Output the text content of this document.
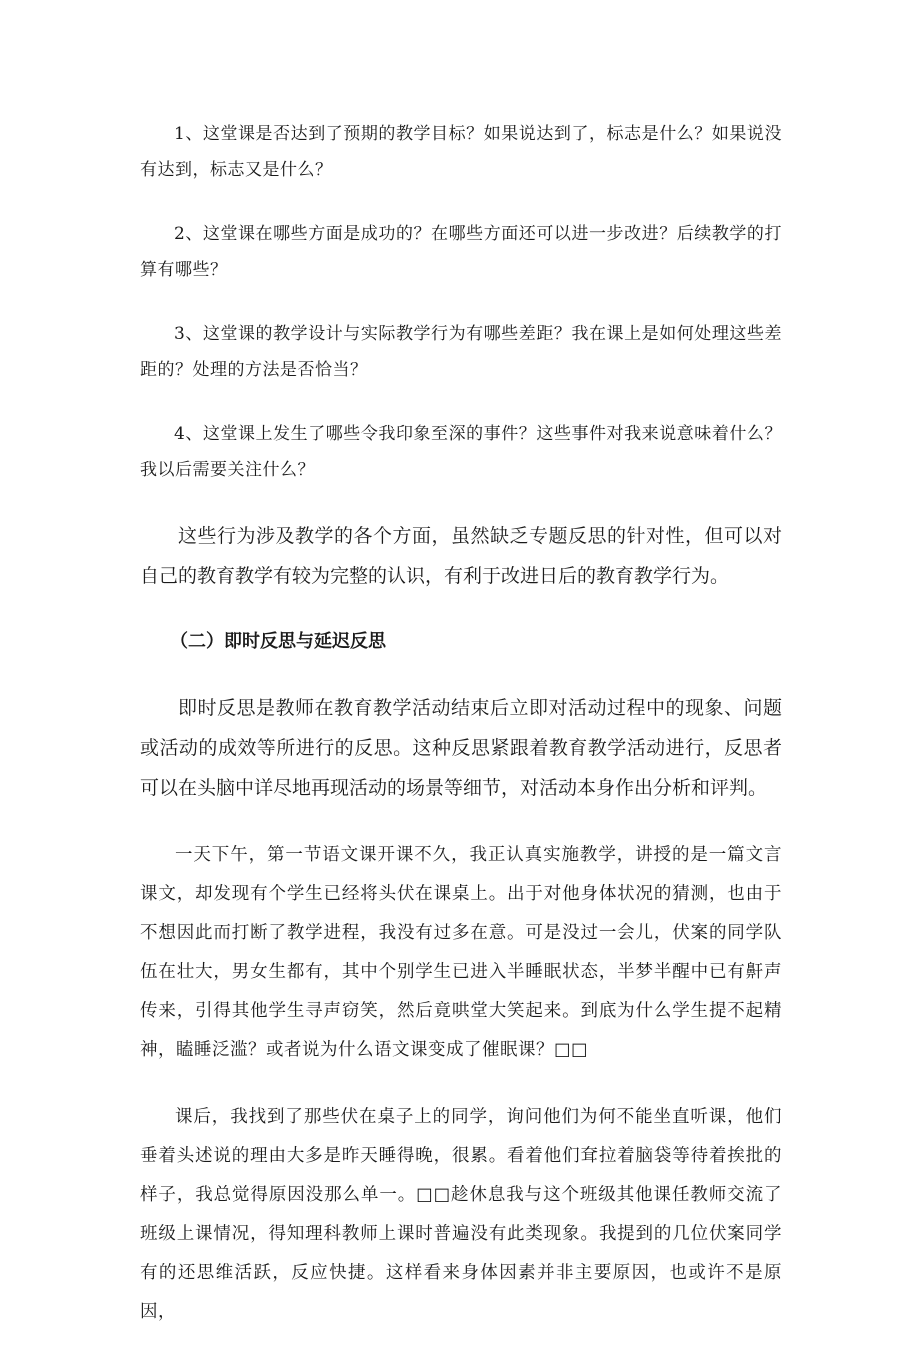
1、这堂课是否达到了预期的教学目标？如果说达到了，标志是什么？如果说没有达到，标志又是什么？

2、这堂课在哪些方面是成功的？在哪些方面还可以进一步改进？后续教学的打算有哪些？

3、这堂课的教学设计与实际教学行为有哪些差距？我在课上是如何处理这些差距的？处理的方法是否恰当？

4、这堂课上发生了哪些令我印象至深的事件？这些事件对我来说意味着什么？我以后需要关注什么？

这些行为涉及教学的各个方面，虽然缺乏专题反思的针对性，但可以对自己的教育教学有较为完整的认识，有利于改进日后的教育教学行为。

（二）即时反思与延迟反思

即时反思是教师在教育教学活动结束后立即对活动过程中的现象、问题或活动的成效等所进行的反思。这种反思紧跟着教育教学活动进行，反思者可以在头脑中详尽地再现活动的场景等细节，对活动本身作出分析和评判。

一天下午，第一节语文课开课不久，我正认真实施教学，讲授的是一篇文言课文，却发现有个学生已经将头伏在课桌上。出于对他身体状况的猜测，也由于不想因此而打断了教学进程，我没有过多在意。可是没过一会儿，伏案的同学队伍在壮大，男女生都有，其中个别学生已进入半睡眠状态，半梦半醒中已有鼾声传来，引得其他学生寻声窃笑，然后竟哄堂大笑起来。到底为什么学生提不起精神，瞌睡泛滥？或者说为什么语文课变成了催眠课？□□

课后，我找到了那些伏在桌子上的同学，询问他们为何不能坐直听课，他们垂着头述说的理由大多是昨天睡得晚，很累。看着他们耷拉着脑袋等待着挨批的样子，我总觉得原因没那么单一。□□趁休息我与这个班级其他课任教师交流了班级上课情况，得知理科教师上课时普遍没有此类现象。我提到的几位伏案同学有的还思维活跃，反应快捷。这样看来身体因素并非主要原因，也或许不是原因，
